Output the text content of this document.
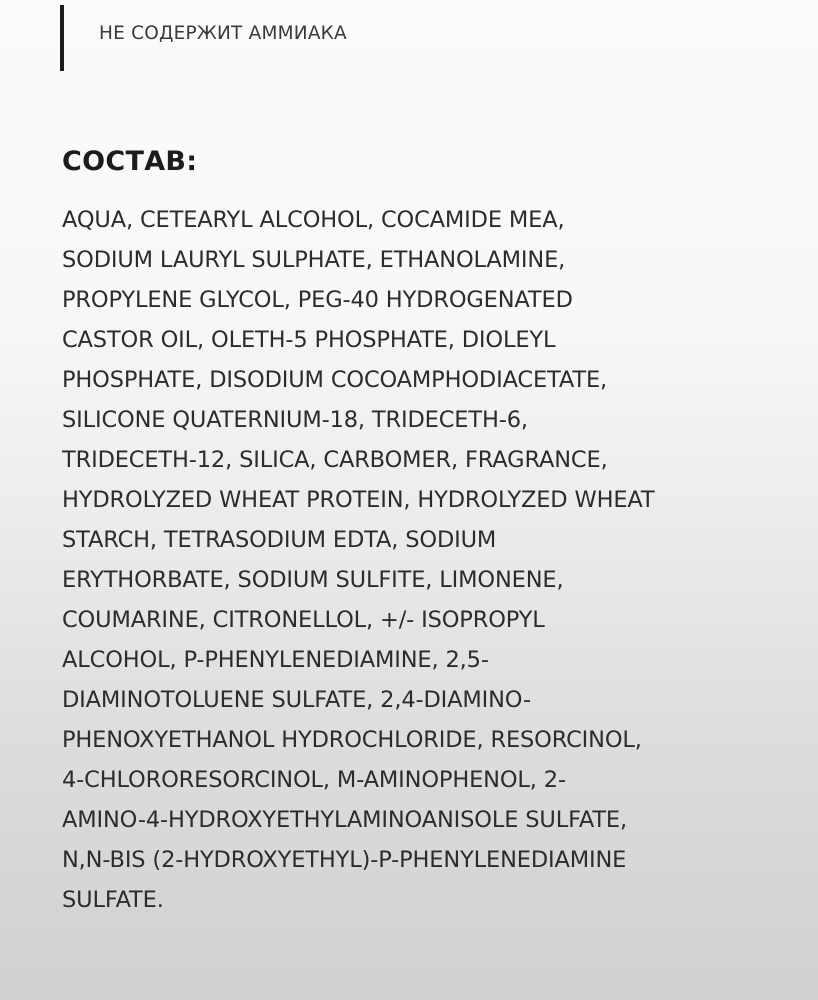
НЕ СОДЕРЖИТ АММИАКА
СОСТАВ:
AQUA, CETEARYL ALCOHOL, COCAMIDE MEA,
SODIUM LAURYL SULPHATE, ETHANOLAMINE,
PROPYLENE GLYCOL, PEG-40 HYDROGENATED
CASTOR OIL, OLETH-5 PHOSPHATE, DIOLEYL
PHOSPHATE, DISODIUM COCOAMPHODIACETATE,
SILICONE QUATERNIUM-18, TRIDECETH-6,
TRIDECETH-12, SILICA, CARBOMER, FRAGRANCE,
HYDROLYZED WHEAT PROTEIN, HYDROLYZED WHEAT
STARCH, TETRASODIUM EDTA, SODIUM
ERYTHORBATE, SODIUM SULFITE, LIMONENE,
COUMARINE, CITRONELLOL, +/- ISOPROPYL
ALCOHOL, P-PHENYLENEDIAMINE, 2,5-
DIAMINOTOLUENE SULFATE, 2,4-DIAMINO-
PHENOXYETHANOL HYDROCHLORIDE, RESORCINOL,
4-CHLORORESORCINOL, M-AMINOPHENOL, 2-
AMINO-4-HYDROXYETHYLAMINOANISOLE SULFATE,
N,N-BIS (2-HYDROXYETHYL)-P-PHENYLENEDIAMINE
SULFATE.
